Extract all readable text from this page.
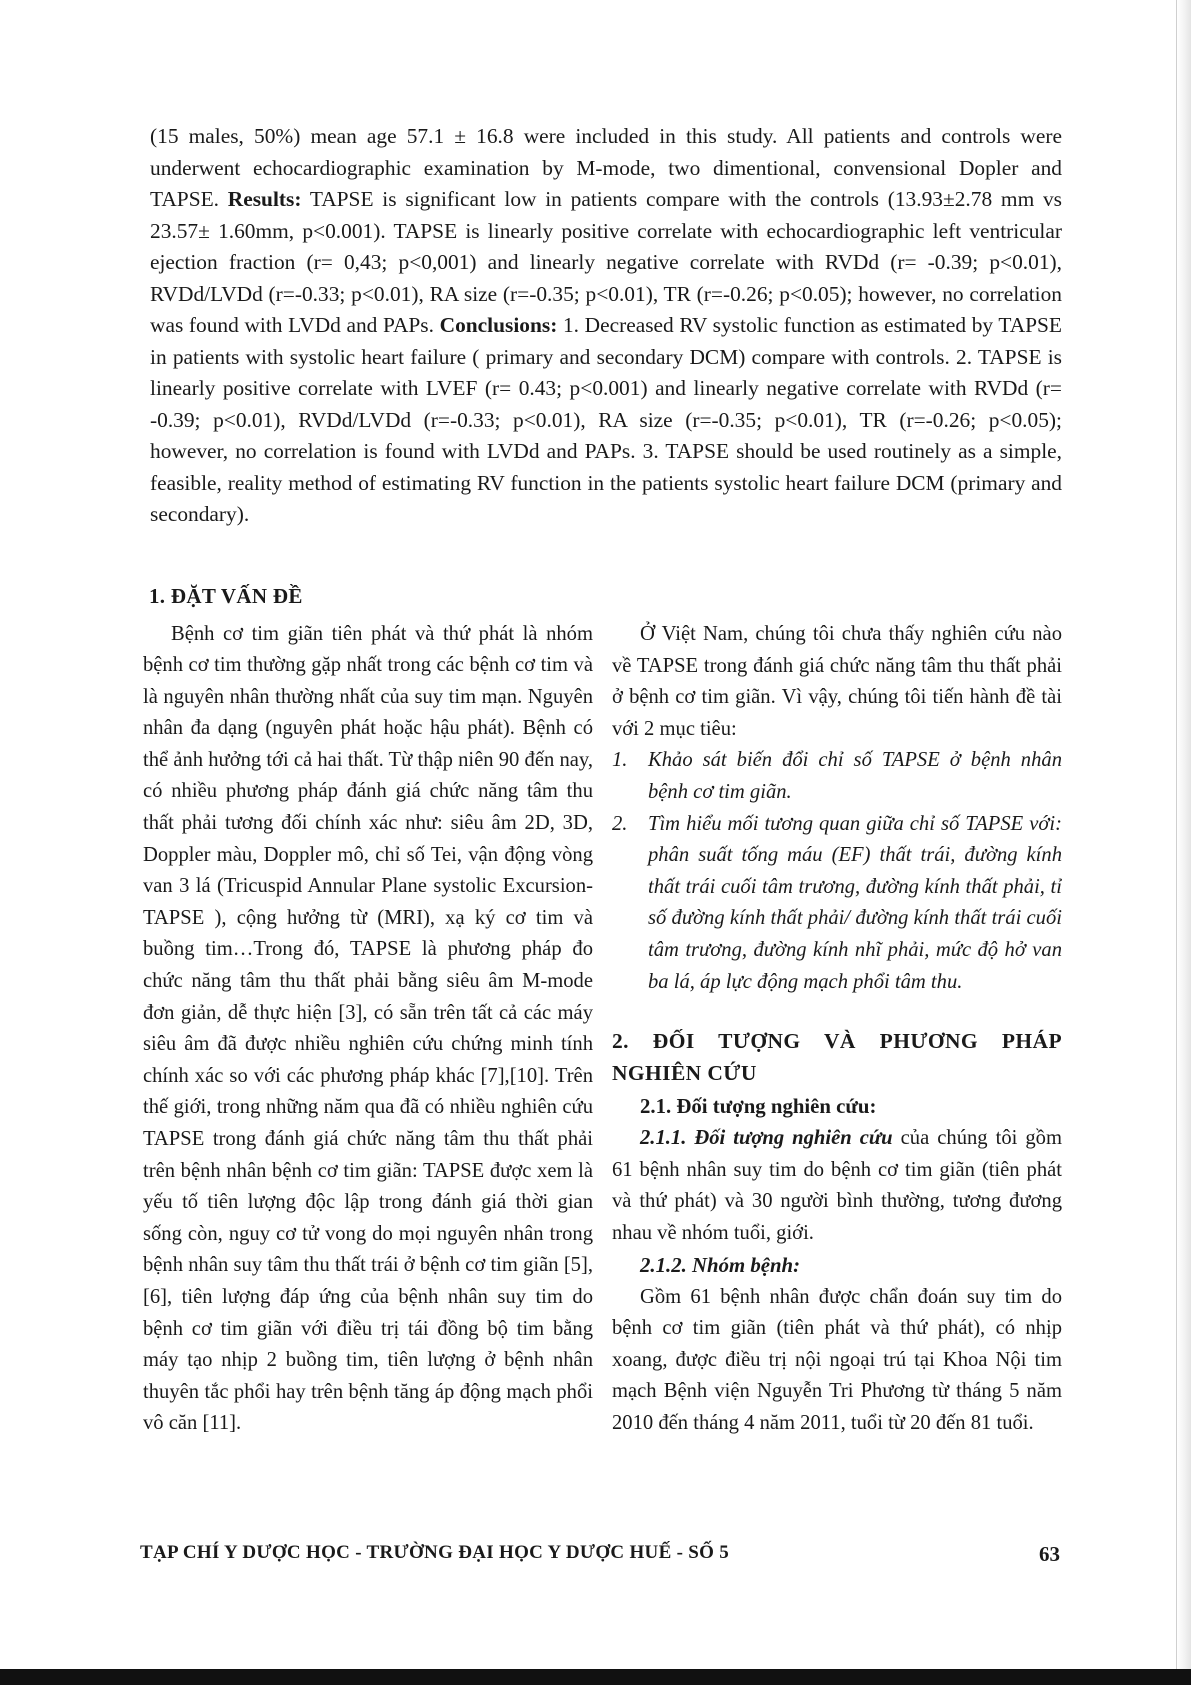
(15 males, 50%) mean age 57.1 ± 16.8 were included in this study. All patients and controls were underwent echocardiographic examination by M-mode, two dimentional, convensional Dopler and TAPSE. Results: TAPSE is significant low in patients compare with the controls (13.93±2.78 mm vs 23.57± 1.60mm, p<0.001). TAPSE is linearly positive correlate with echocardiographic left ventricular ejection fraction (r= 0,43; p<0,001) and linearly negative correlate with RVDd (r= -0.39; p<0.01), RVDd/LVDd (r=-0.33; p<0.01), RA size (r=-0.35; p<0.01), TR (r=-0.26; p<0.05); however, no correlation was found with LVDd and PAPs. Conclusions: 1. Decreased RV systolic function as estimated by TAPSE in patients with systolic heart failure ( primary and secondary DCM) compare with controls. 2. TAPSE is linearly positive correlate with LVEF (r= 0.43; p<0.001) and linearly negative correlate with RVDd (r= -0.39; p<0.01), RVDd/LVDd (r=-0.33; p<0.01), RA size (r=-0.35; p<0.01), TR (r=-0.26; p<0.05); however, no correlation is found with LVDd and PAPs. 3. TAPSE should be used routinely as a simple, feasible, reality method of estimating RV function in the patients systolic heart failure DCM (primary and secondary).

1. ĐẶT VẤN ĐỀ

Bệnh cơ tim giãn tiên phát và thứ phát là nhóm bệnh cơ tim thường gặp nhất trong các bệnh cơ tim và là nguyên nhân thường nhất của suy tim mạn. Nguyên nhân đa dạng (nguyên phát hoặc hậu phát). Bệnh có thể ảnh hưởng tới cả hai thất. Từ thập niên 90 đến nay, có nhiều phương pháp đánh giá chức năng tâm thu thất phải tương đối chính xác như: siêu âm 2D, 3D, Doppler màu, Doppler mô, chỉ số Tei, vận động vòng van 3 lá (Tricuspid Annular Plane systolic Excursion-TAPSE ), cộng hưởng từ (MRI), xạ ký cơ tim và buồng tim…Trong đó, TAPSE là phương pháp đo chức năng tâm thu thất phải bằng siêu âm M-mode đơn giản, dễ thực hiện [3], có sẵn trên tất cả các máy siêu âm đã được nhiều nghiên cứu chứng minh tính chính xác so với các phương pháp khác [7],[10]. Trên thế giới, trong những năm qua đã có nhiều nghiên cứu TAPSE trong đánh giá chức năng tâm thu thất phải trên bệnh nhân bệnh cơ tim giãn: TAPSE được xem là yếu tố tiên lượng độc lập trong đánh giá thời gian sống còn, nguy cơ tử vong do mọi nguyên nhân trong bệnh nhân suy tâm thu thất trái ở bệnh cơ tim giãn [5],[6], tiên lượng đáp ứng của bệnh nhân suy tim do bệnh cơ tim giãn với điều trị tái đồng bộ tim bằng máy tạo nhịp 2 buồng tim, tiên lượng ở bệnh nhân thuyên tắc phổi hay trên bệnh tăng áp động mạch phổi vô căn [11].

Ở Việt Nam, chúng tôi chưa thấy nghiên cứu nào về TAPSE trong đánh giá chức năng tâm thu thất phải ở bệnh cơ tim giãn. Vì vậy, chúng tôi tiến hành đề tài với 2 mục tiêu:

1. Khảo sát biến đổi chỉ số TAPSE ở bệnh nhân bệnh cơ tim giãn.
2. Tìm hiểu mối tương quan giữa chỉ số TAPSE với: phân suất tống máu (EF) thất trái, đường kính thất trái cuối tâm trương, đường kính thất phải, tỉ số đường kính thất phải/ đường kính thất trái cuối tâm trương, đường kính nhĩ phải, mức độ hở van ba lá, áp lực động mạch phổi tâm thu.
2. ĐỐI TƯỢNG VÀ PHƯƠNG PHÁP NGHIÊN CỨU
2.1. Đối tượng nghiên cứu:

2.1.1. Đối tượng nghiên cứu của chúng tôi gồm 61 bệnh nhân suy tim do bệnh cơ tim giãn (tiên phát và thứ phát) và 30 người bình thường, tương đương nhau về nhóm tuổi, giới.

2.1.2. Nhóm bệnh:

Gồm 61 bệnh nhân được chẩn đoán suy tim do bệnh cơ tim giãn (tiên phát và thứ phát), có nhịp xoang, được điều trị nội ngoại trú tại Khoa Nội tim mạch Bệnh viện Nguyễn Tri Phương từ tháng 5 năm 2010 đến tháng 4 năm 2011, tuổi từ 20 đến 81 tuổi.

TẠP CHÍ Y DƯỢC HỌC - TRƯỜNG ĐẠI HỌC Y DƯỢC HUẾ - SỐ 5	63
